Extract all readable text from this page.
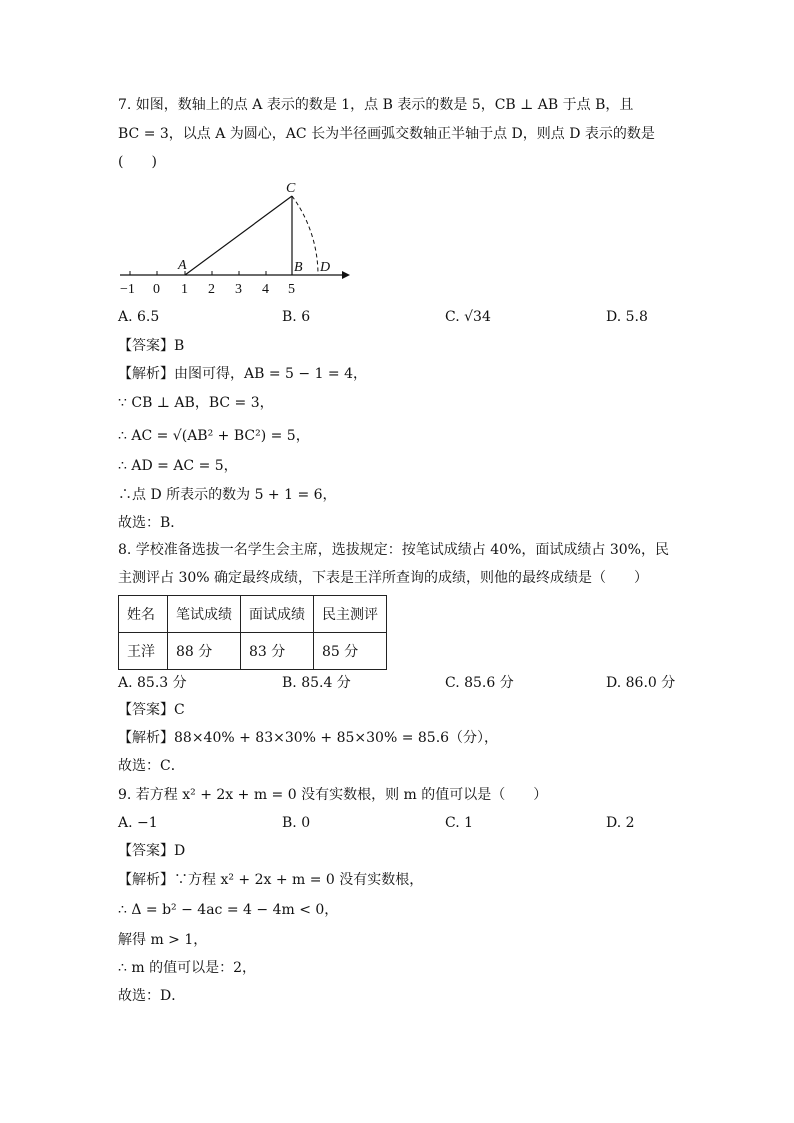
7. 如图，数轴上的点 A 表示的数是 1，点 B 表示的数是 5，CB ⊥ AB 于点 B，且
BC = 3，以点 A 为圆心，AC 长为半径画弧交数轴正半轴于点 D，则点 D 表示的数是
(　　)
C
A	B D
−1 0 1 2 3 4 5
A. 6.5	B. 6	C. √34	D. 5.8
【答案】B
【解析】由图可得，AB = 5 − 1 = 4，
∵ CB ⊥ AB，BC = 3，
∴ AC = √(AB² + BC²) = 5，
∴ AD = AC = 5，
∴点 D 所表示的数为 5 + 1 = 6，
故选：B．
8. 学校准备选拔一名学生会主席，选拔规定：按笔试成绩占 40%，面试成绩占 30%，民
主测评占 30% 确定最终成绩，下表是王洋所查询的成绩，则他的最终成绩是（　　）
姓名	笔试成绩	面试成绩	民主测评
王洋	88 分	83 分	85 分
A. 85.3 分	B. 85.4 分	C. 85.6 分	D. 86.0 分
【答案】C
【解析】88×40% + 83×30% + 85×30% = 85.6（分），
故选：C．
9. 若方程 x² + 2x + m = 0 没有实数根，则 m 的值可以是（　　）
A. −1	B. 0	C. 1	D. 2
【答案】D
【解析】∵方程 x² + 2x + m = 0 没有实数根，
∴ Δ = b² − 4ac = 4 − 4m < 0，
解得 m > 1，
∴ m 的值可以是：2，
故选：D．
